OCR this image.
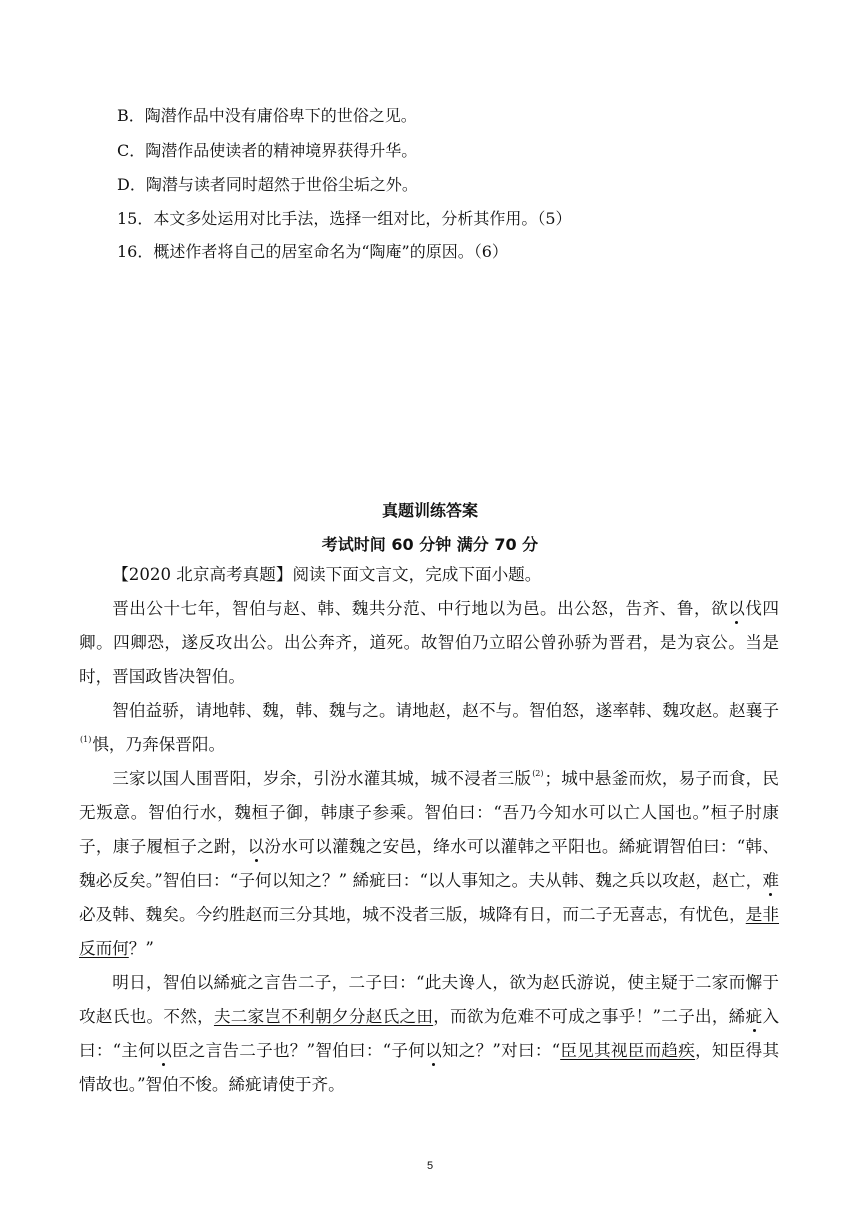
B．陶潜作品中没有庸俗卑下的世俗之见。
C．陶潜作品使读者的精神境界获得升华。
D．陶潜与读者同时超然于世俗尘垢之外。
15．本文多处运用对比手法，选择一组对比，分析其作用。（5）
16．概述作者将自己的居室命名为“陶庵”的原因。（6）
真题训练答案
考试时间 60 分钟 满分 70 分

【2020 北京高考真题】阅读下面文言文，完成下面小题。

晋出公十七年，智伯与赵、韩、魏共分范、中行地以为邑。出公怒，告齐、鲁，欲以伐四卿。四卿恐，遂反攻出公。出公奔齐，道死。故智伯乃立昭公曾孙骄为晋君，是为哀公。当是时，晋国政皆决智伯。

智伯益骄，请地韩、魏，韩、魏与之。请地赵，赵不与。智伯怒，遂率韩、魏攻赵。赵襄子$^{(1)}$惧，乃奔保晋阳。

三家以国人围晋阳，岁余，引汾水灌其城，城不浸者三版$^{(2)}$；城中悬釜而炊，易子而食，民无叛意。智伯行水，魏桓子御，韩康子参乘。智伯曰：“吾乃今知水可以亡人国也。”桓子肘康子，康子履桓子之跗，以汾水可以灌魏之安邑，绛水可以灌韩之平阳也。絺疵谓智伯曰：“韩、魏必反矣。”智伯曰：“子何以知之？” 絺疵曰：“以人事知之。夫从韩、魏之兵以攻赵，赵亡，难必及韩、魏矣。今约胜赵而三分其地，城不没者三版，城降有日，而二子无喜志，有忧色，是非反而何？”

明日，智伯以絺疵之言告二子，二子曰：“此夫谗人，欲为赵氏游说，使主疑于二家而懈于攻赵氏也。不然，夫二家岂不利朝夕分赵氏之田，而欲为危难不可成之事乎！”二子出，絺疵入曰：“主何以臣之言告二子也？”智伯曰：“子何以知之？”对曰：“臣见其视臣而趋疾，知臣得其情故也。”智伯不悛。絺疵请使于齐。

5
